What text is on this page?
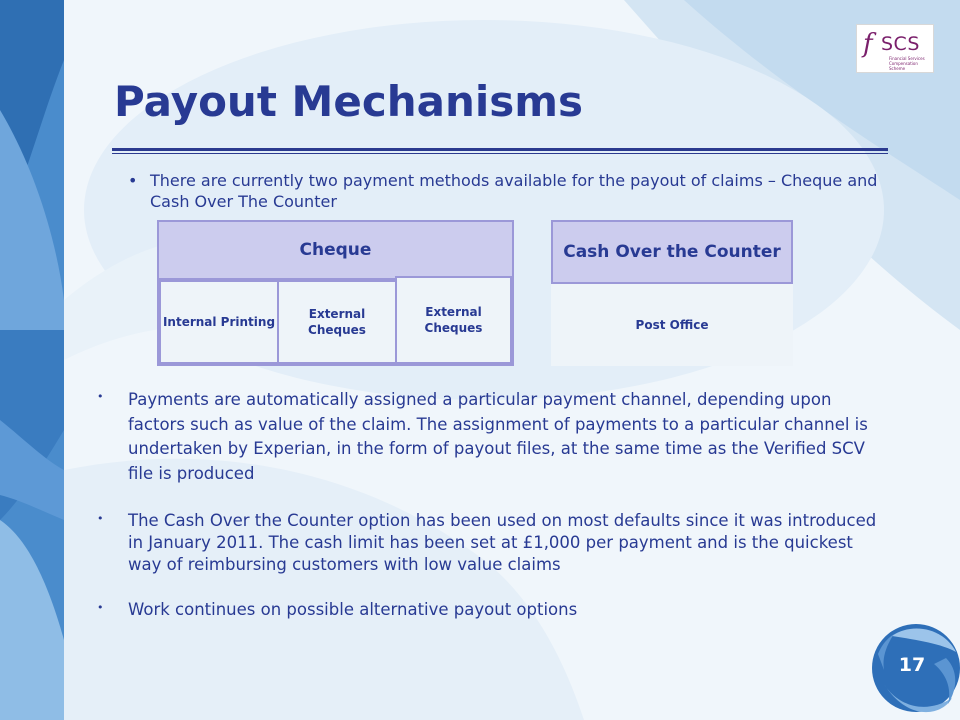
f SCS
Financial Services Compensation Scheme
Payout Mechanisms
• There are currently two payment methods available for the payout of claims – Cheque and Cash Over The Counter
Cheque
Internal Printing
External Cheques
External Cheques
Cash Over the Counter
Post Office
• Payments are automatically assigned a particular payment channel, depending upon factors such as value of the claim. The assignment of payments to a particular channel is undertaken by Experian, in the form of payout files, at the same time as the Verified SCV file is produced
• The Cash Over the Counter option has been used on most defaults since it was introduced in January 2011. The cash limit has been set at £1,000 per payment and is the quickest way of reimbursing customers with low value claims
• Work continues on possible alternative payout options
17
